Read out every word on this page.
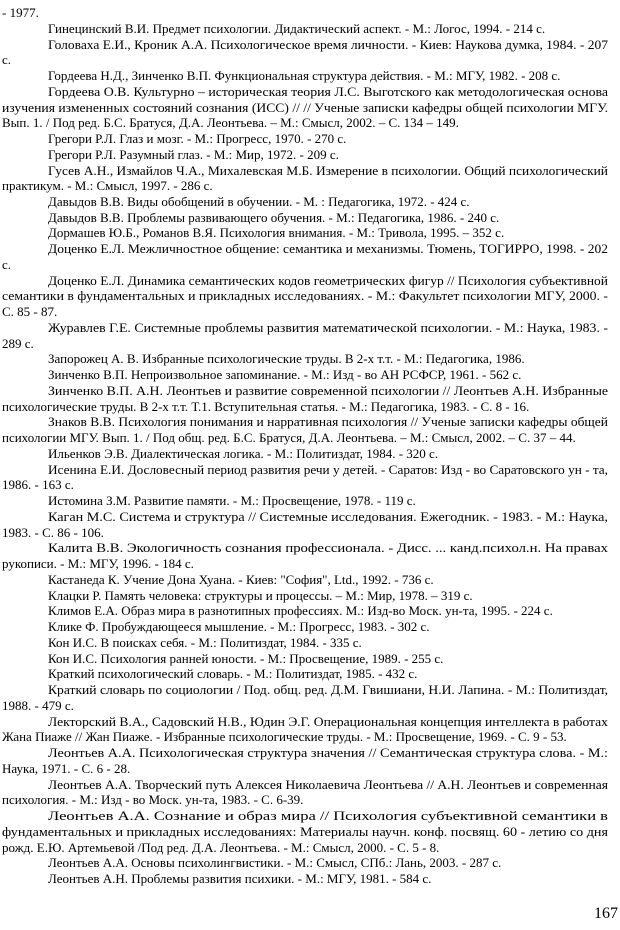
- 1977.
Гинецинский В.И. Предмет психологии. Дидактический аспект. - М.: Логос, 1994. - 214 с.
Головаха Е.И., Кроник А.А. Психологическое время личности. - Киев: Наукова думка, 1984. - 207
с.
Гордеева Н.Д., Зинченко В.П. Функциональная структура действия. - М.: МГУ, 1982. - 208 с.
Гордеева О.В. Культурно – историческая теория Л.С. Выготского как методологическая основа
изучения измененных состояний сознания (ИСС) // // Ученые записки кафедры общей психологии МГУ.
Вып. 1. / Под ред. Б.С. Братуся, Д.А. Леонтьева. – М.: Смысл, 2002. – С. 134 – 149.
Грегори Р.Л. Глаз и мозг. - М.: Прогресс, 1970. - 270 с.
Грегори Р.Л. Разумный глаз. - М.: Мир, 1972. - 209 с.
Гусев А.Н., Измайлов Ч.А., Михалевская М.Б. Измерение в психологии. Общий психологический
практикум. - М.: Смысл, 1997. - 286 с.
Давыдов В.В. Виды обобщений в обучении. - М. : Педагогика, 1972. - 424 с.
Давыдов В.В. Проблемы развивающего обучения. - М.: Педагогика, 1986. - 240 с.
Дормашев Ю.Б., Романов В.Я. Психология внимания. - М.: Тривола, 1995. – 352 с.
Доценко Е.Л. Межличностное общение: семантика и механизмы. Тюмень, ТОГИРРО, 1998. - 202
с.
Доценко Е.Л. Динамика семантических кодов геометрических фигур // Психология субъективной
семантики в фундаментальных и прикладных исследованиях. - М.: Факультет психологии МГУ, 2000. -
С. 85 - 87.
Журавлев Г.Е. Системные проблемы развития математической психологии. - М.: Наука, 1983. -
289 с.
Запорожец А. В. Избранные психологические труды. В 2-х т.т. - М.: Педагогика, 1986.
Зинченко В.П. Непроизвольное запоминание. - М.: Изд - во АН РСФСР, 1961. - 562 с.
Зинченко В.П. А.Н. Леонтьев и развитие современной психологии // Леонтьев А.Н. Избранные
психологические труды. В 2-х т.т. Т.1. Вступительная статья. - М.: Педагогика, 1983. - С. 8 - 16.
Знаков В.В. Психология понимания и нарративная психология // Ученые записки кафедры общей
психологии МГУ. Вып. 1. / Под общ. ред. Б.С. Братуся, Д.А. Леонтьева. – М.: Смысл, 2002. – С. 37 – 44.
Ильенков Э.В. Диалектическая логика. - М.: Политиздат, 1984. - 320 с.
Исенина Е.И. Дословесный период развития речи у детей. - Саратов: Изд - во Саратовского ун - та,
1986. - 163 с.
Истомина З.М. Развитие памяти. - М.: Просвещение, 1978. - 119 с.
Каган М.С. Система и структура // Системные исследования. Ежегодник. - 1983. - М.: Наука,
1983. - С. 86 - 106.
Калита В.В. Экологичность сознания профессионала. - Дисс. ... канд.психол.н. На правах
рукописи. - М.: МГУ, 1996. - 184 с.
Кастанеда К. Учение Дона Хуана. - Киев: "София", Ltd., 1992. - 736 с.
Клацки Р. Память человека: структуры и процессы. – М.: Мир, 1978. – 319 с.
Климов Е.А. Образ мира в разнотипных профессиях. М.: Изд-во Моск. ун-та, 1995. - 224 с.
Клике Ф. Пробуждающееся мышление. - М.: Прогресс, 1983. - 302 с.
Кон И.С. В поисках себя. - М.: Политиздат, 1984. - 335 с.
Кон И.С. Психология ранней юности. - М.: Просвещение, 1989. - 255 с.
Краткий психологический словарь. - М.: Политиздат, 1985. - 432 с.
Краткий словарь по социологии / Под. общ. ред. Д.М. Гвишиани, Н.И. Лапина. - М.: Политиздат,
1988. - 479 с.
Лекторский В.А., Садовский Н.В., Юдин Э.Г. Операциональная концепция интеллекта в работах
Жана Пиаже // Жан Пиаже. - Избранные психологические труды. - М.: Просвещение, 1969. - С. 9 - 53.
Леонтьев А.А. Психологическая структура значения // Семантическая структура слова. - М.:
Наука, 1971. - С. 6 - 28.
Леонтьев А.А. Творческий путь Алексея Николаевича Леонтьева // А.Н. Леонтьев и современная
психология. - М.: Изд - во Моск. ун-та, 1983. - С. 6-39.
Леонтьев А.А. Сознание и образ мира // Психология субъективной семантики в
фундаментальных и прикладных исследованиях: Материалы научн. конф. посвящ. 60 - летию со дня
рожд. Е.Ю. Артемьевой /Под ред. Д.А. Леонтьева. - М.: Смысл, 2000. - С. 5 - 8.
Леонтьев А.А. Основы психолингвистики. - М.: Смысл, СПб.: Лань, 2003. - 287 с.
Леонтьев А.Н. Проблемы развития психики. - М.: МГУ, 1981. - 584 с.
167
